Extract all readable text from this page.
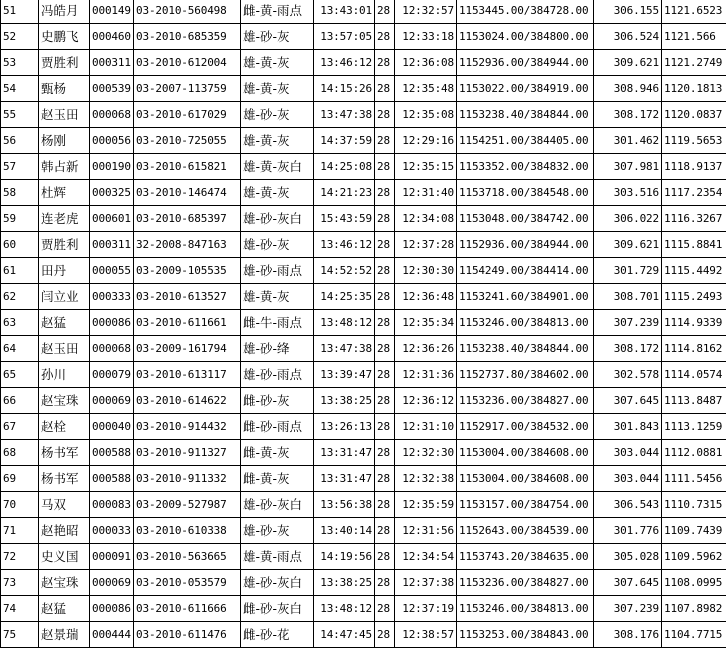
51	冯皓月	000149	03-2010-560498	雌-黄-雨点	13:43:01	28	12:32:57	1153445.00/384728.00	306.155	1121.6523
52	史鹏飞	000460	03-2010-685359	雄-砂-灰	13:57:05	28	12:33:18	1153024.00/384800.00	306.524	1121.566
53	贾胜利	000311	03-2010-612004	雄-黄-灰	13:46:12	28	12:36:08	1152936.00/384944.00	309.621	1121.2749
54	甄杨	000539	03-2007-113759	雄-黄-灰	14:15:26	28	12:35:48	1153022.00/384919.00	308.946	1120.1813
55	赵玉田	000068	03-2010-617029	雄-砂-灰	13:47:38	28	12:35:08	1153238.40/384844.00	308.172	1120.0837
56	杨刚	000056	03-2010-725055	雄-黄-灰	14:37:59	28	12:29:16	1154251.00/384405.00	301.462	1119.5653
57	韩占新	000190	03-2010-615821	雄-黄-灰白	14:25:08	28	12:35:15	1153352.00/384832.00	307.981	1118.9137
58	杜辉	000325	03-2010-146474	雄-黄-灰	14:21:23	28	12:31:40	1153718.00/384548.00	303.516	1117.2354
59	连老虎	000601	03-2010-685397	雄-砂-灰白	15:43:59	28	12:34:08	1153048.00/384742.00	306.022	1116.3267
60	贾胜利	000311	32-2008-847163	雄-砂-灰	13:46:12	28	12:37:28	1152936.00/384944.00	309.621	1115.8841
61	田丹	000055	03-2009-105535	雄-砂-雨点	14:52:52	28	12:30:30	1154249.00/384414.00	301.729	1115.4492
62	闫立业	000333	03-2010-613527	雄-黄-灰	14:25:35	28	12:36:48	1153241.60/384901.00	308.701	1115.2493
63	赵猛	000086	03-2010-611661	雌-牛-雨点	13:48:12	28	12:35:34	1153246.00/384813.00	307.239	1114.9339
64	赵玉田	000068	03-2009-161794	雄-砂-绛	13:47:38	28	12:36:26	1153238.40/384844.00	308.172	1114.8162
65	孙川	000079	03-2010-613117	雄-砂-雨点	13:39:47	28	12:31:36	1152737.80/384602.00	302.578	1114.0574
66	赵宝珠	000069	03-2010-614622	雌-砂-灰	13:38:25	28	12:36:12	1153236.00/384827.00	307.645	1113.8487
67	赵栓	000040	03-2010-914432	雌-砂-雨点	13:26:13	28	12:31:10	1152917.00/384532.00	301.843	1113.1259
68	杨书军	000588	03-2010-911327	雌-黄-灰	13:31:47	28	12:32:30	1153004.00/384608.00	303.044	1112.0881
69	杨书军	000588	03-2010-911332	雌-黄-灰	13:31:47	28	12:32:38	1153004.00/384608.00	303.044	1111.5456
70	马双	000083	03-2009-527987	雄-砂-灰白	13:56:38	28	12:35:59	1153157.00/384754.00	306.543	1110.7315
71	赵艳昭	000033	03-2010-610338	雄-砂-灰	13:40:14	28	12:31:56	1152643.00/384539.00	301.776	1109.7439
72	史义国	000091	03-2010-563665	雄-黄-雨点	14:19:56	28	12:34:54	1153743.20/384635.00	305.028	1109.5962
73	赵宝珠	000069	03-2010-053579	雄-砂-灰白	13:38:25	28	12:37:38	1153236.00/384827.00	307.645	1108.0995
74	赵猛	000086	03-2010-611666	雌-砂-灰白	13:48:12	28	12:37:19	1153246.00/384813.00	307.239	1107.8982
75	赵景瑞	000444	03-2010-611476	雌-砂-花	14:47:45	28	12:38:57	1153253.00/384843.00	308.176	1104.7715
